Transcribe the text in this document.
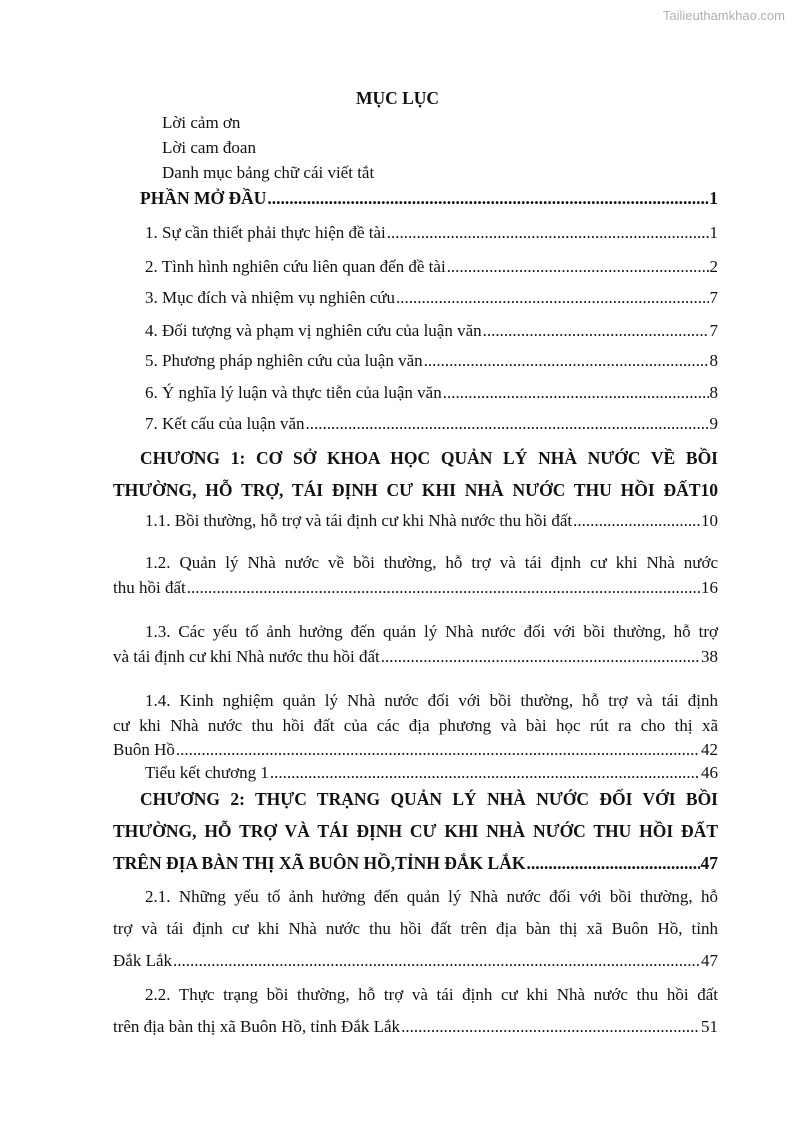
Tailieuthamkhao.com
MỤC LỤC
Lời cảm ơn
Lời cam đoan
Danh mục bảng chữ cái viết tắt
PHẦN MỞ ĐẦU .....	1
1. Sự cần thiết phải thực hiện đề tài .....	1
2. Tình hình nghiên cứu liên quan đến đề tài .....	2
3. Mục đích và nhiệm vụ nghiên cứu .....	7
4. Đối tượng và phạm vị nghiên cứu của luận văn .....	7
5. Phương pháp nghiên cứu của luận văn .....	8
6. Ý nghĩa lý luận và thực tiễn của luận văn .....	8
7. Kết cấu của luận văn .....	9
CHƯƠNG 1: CƠ SỞ KHOA HỌC QUẢN LÝ NHÀ NƯỚC VỀ BỒI
THƯỜNG, HỖ TRỢ, TÁI ĐỊNH CƯ KHI NHÀ NƯỚC THU HỒI ĐẤT10
1.1. Bồi thường, hỗ trợ và tái định cư khi Nhà nước thu hồi đất .....	10
1.2. Quản lý Nhà nước về bồi thường, hỗ trợ và tái định cư khi Nhà nước
thu hồi đất .....	16
1.3. Các yếu tố ảnh hưởng đến quản lý Nhà nước đối với bồi thường, hỗ trợ
và tái định cư khi Nhà nước thu hồi đất .....	38
1.4. Kinh nghiệm quản lý Nhà nước đối với bồi thường, hỗ trợ và tái định
cư khi Nhà nước thu hồi đất của các địa phương và bài học rút ra cho thị xã
Buôn Hồ .....	42
Tiểu kết chương 1 .....	46
CHƯƠNG 2: THỰC TRẠNG QUẢN LÝ NHÀ NƯỚC ĐỐI VỚI BỒI
THƯỜNG, HỖ TRỢ VÀ TÁI ĐỊNH CƯ KHI NHÀ NƯỚC THU HỒI ĐẤT
TRÊN ĐỊA BÀN THỊ XÃ BUÔN HỒ,TỈNH ĐẮK LẮK .....	47
2.1. Những yếu tố ảnh hưởng đến quản lý Nhà nước đối với bồi thường, hỗ
trợ và tái định cư khi Nhà nước thu hồi đất trên địa bàn thị xã Buôn Hồ, tỉnh
Đắk Lắk .....	47
2.2. Thực trạng bồi thường, hỗ trợ và tái định cư khi Nhà nước thu hồi đất
trên địa bàn thị xã Buôn Hồ, tỉnh Đắk Lắk .....	51
